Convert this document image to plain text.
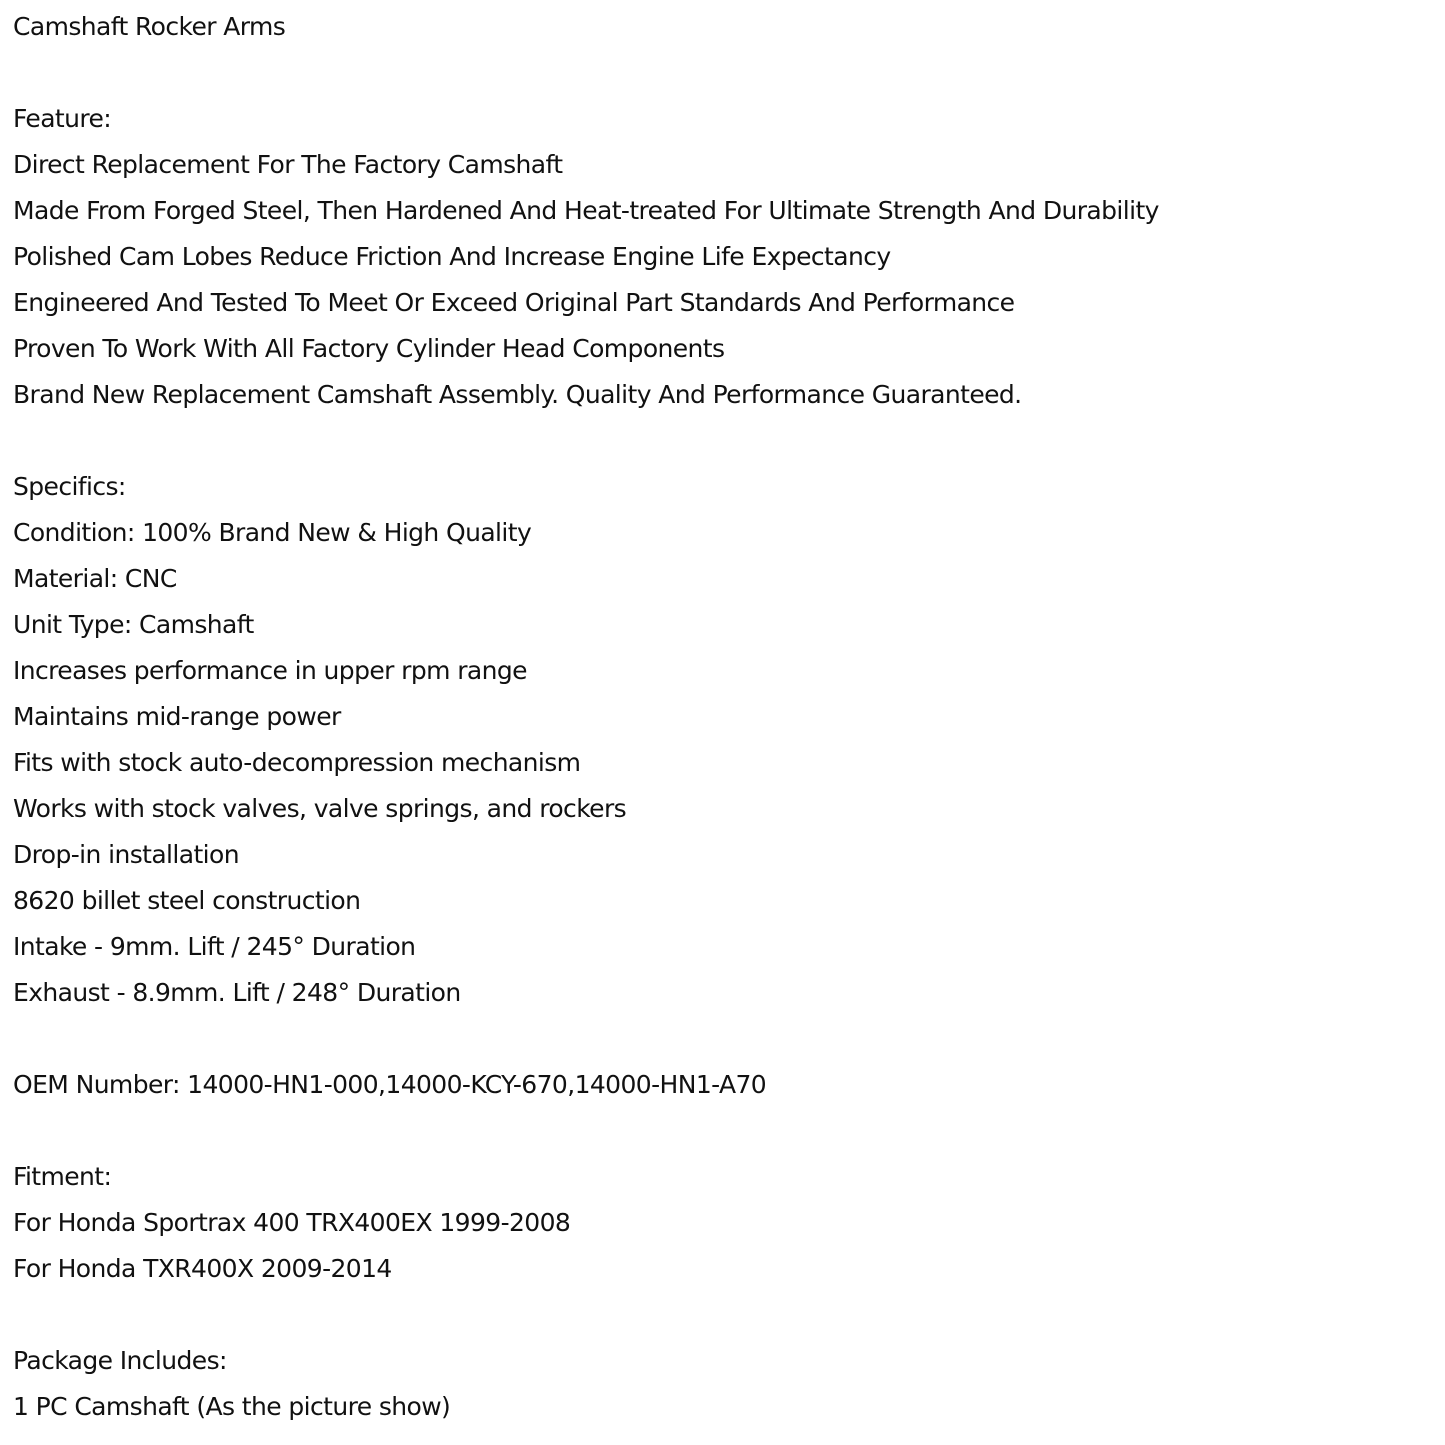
Camshaft Rocker Arms
Feature:
Direct Replacement For The Factory Camshaft
Made From Forged Steel, Then Hardened And Heat-treated For Ultimate Strength And Durability
Polished Cam Lobes Reduce Friction And Increase Engine Life Expectancy
Engineered And Tested To Meet Or Exceed Original Part Standards And Performance
Proven To Work With All Factory Cylinder Head Components
Brand New Replacement Camshaft Assembly. Quality And Performance Guaranteed.
Specifics:
Condition: 100% Brand New & High Quality
Material: CNC
Unit Type: Camshaft
Increases performance in upper rpm range
Maintains mid-range power
Fits with stock auto-decompression mechanism
Works with stock valves, valve springs, and rockers
Drop-in installation
8620 billet steel construction
Intake - 9mm. Lift / 245° Duration
Exhaust - 8.9mm. Lift / 248° Duration
OEM Number: 14000-HN1-000,14000-KCY-670,14000-HN1-A70
Fitment:
For Honda Sportrax 400 TRX400EX 1999-2008
For Honda TXR400X 2009-2014
Package Includes:
1 PC Camshaft (As the picture show)
